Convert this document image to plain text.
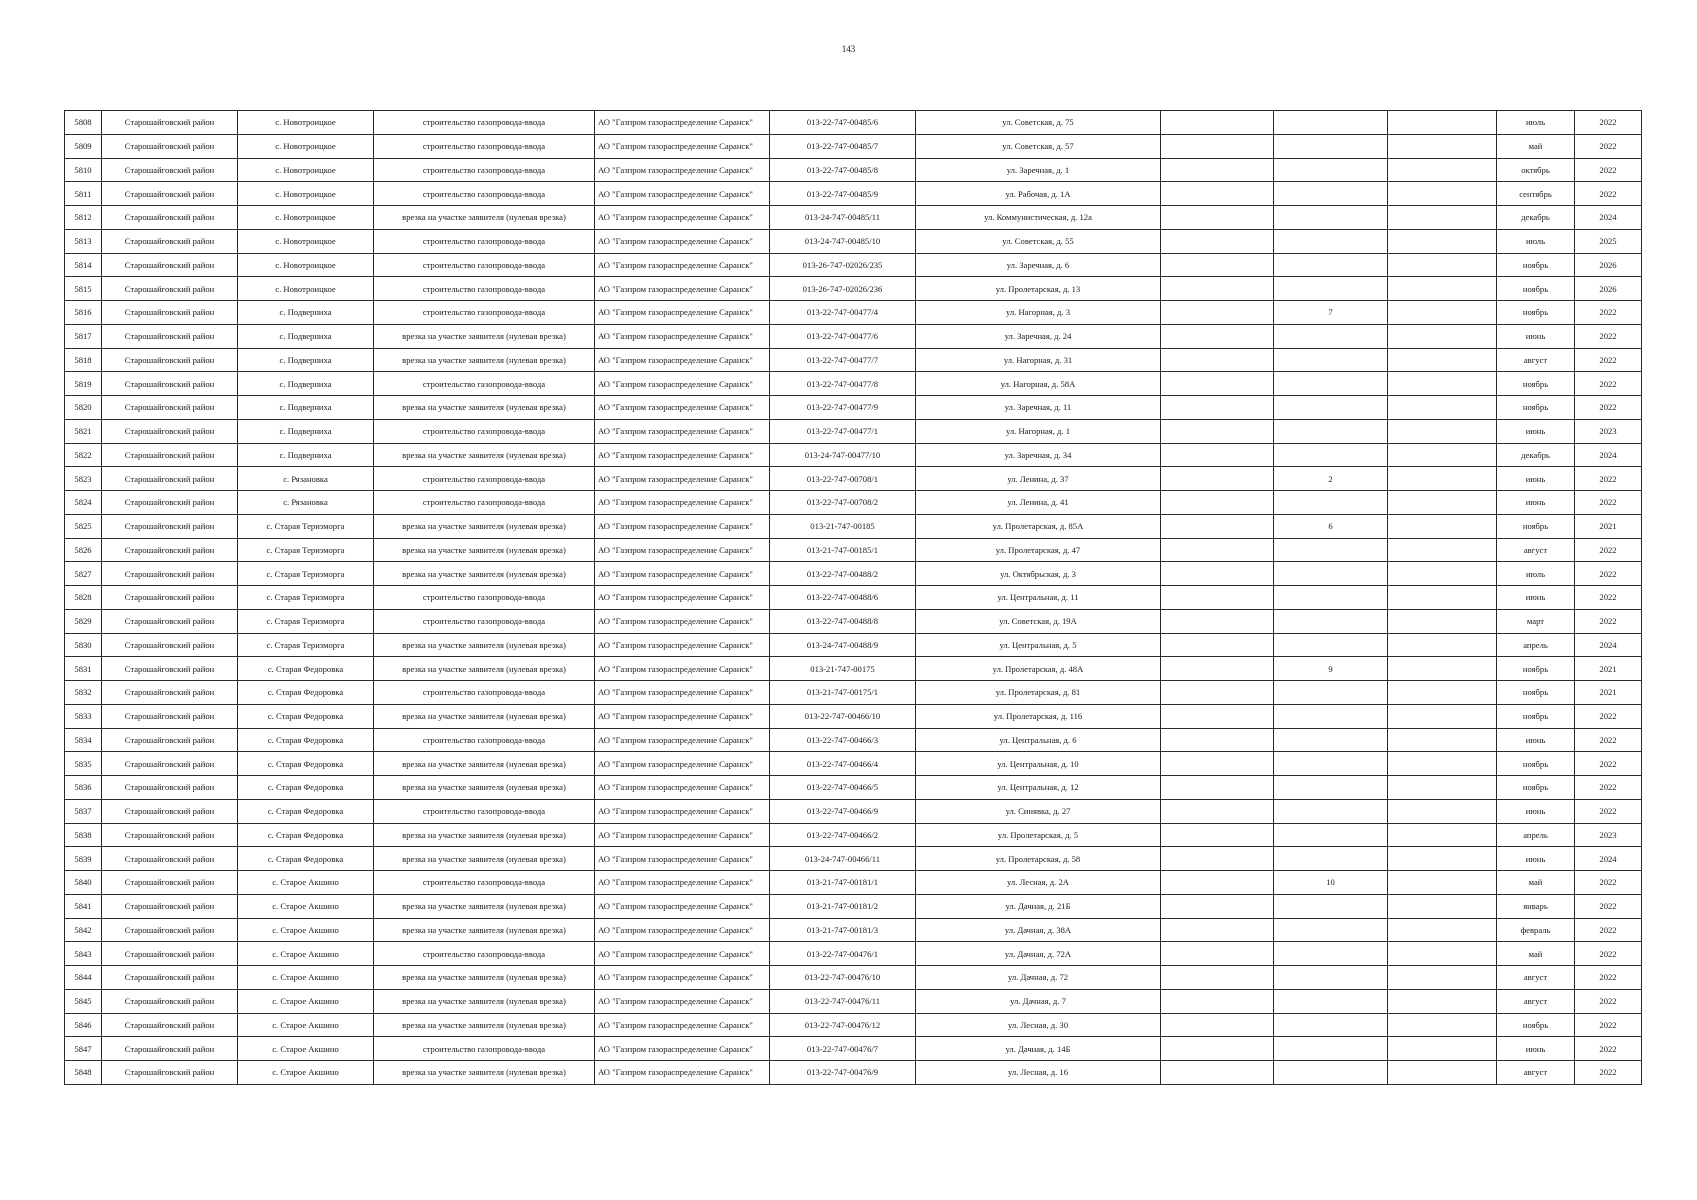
143
5808	Старошайговский район	с. Новотроицкое	строительство газопровода-ввода	АО "Газпром газораспределение Саранск"	013-22-747-00485/6	ул. Советская, д. 75				июль	2022
5809	Старошайговский район	с. Новотроицкое	строительство газопровода-ввода	АО "Газпром газораспределение Саранск"	013-22-747-00485/7	ул. Советская, д. 57				май	2022
5810	Старошайговский район	с. Новотроицкое	строительство газопровода-ввода	АО "Газпром газораспределение Саранск"	013-22-747-00485/8	ул. Заречная, д. 1				октябрь	2022
5811	Старошайговский район	с. Новотроицкое	строительство газопровода-ввода	АО "Газпром газораспределение Саранск"	013-22-747-00485/9	ул. Рабочая, д. 1А				сентябрь	2022
5812	Старошайговский район	с. Новотроицкое	врезка на участке заявителя (нулевая врезка)	АО "Газпром газораспределение Саранск"	013-24-747-00485/11	ул. Коммунистическая, д. 12а				декабрь	2024
5813	Старошайговский район	с. Новотроицкое	строительство газопровода-ввода	АО "Газпром газораспределение Саранск"	013-24-747-00485/10	ул. Советская, д. 55				июль	2025
5814	Старошайговский район	с. Новотроицкое	строительство газопровода-ввода	АО "Газпром газораспределение Саранск"	013-26-747-02026/235	ул. Заречная, д. 6				ноябрь	2026
5815	Старошайговский район	с. Новотроицкое	строительство газопровода-ввода	АО "Газпром газораспределение Саранск"	013-26-747-02026/236	ул. Пролетарская, д. 13				ноябрь	2026
5816	Старошайговский район	с. Подверниха	строительство газопровода-ввода	АО "Газпром газораспределение Саранск"	013-22-747-00477/4	ул. Нагорная, д. 3		7		ноябрь	2022
5817	Старошайговский район	с. Подверниха	врезка на участке заявителя (нулевая врезка)	АО "Газпром газораспределение Саранск"	013-22-747-00477/6	ул. Заречная, д. 24				июнь	2022
5818	Старошайговский район	с. Подверниха	врезка на участке заявителя (нулевая врезка)	АО "Газпром газораспределение Саранск"	013-22-747-00477/7	ул. Нагорная, д. 31				август	2022
5819	Старошайговский район	с. Подверниха	строительство газопровода-ввода	АО "Газпром газораспределение Саранск"	013-22-747-00477/8	ул. Нагорная, д. 58А				ноябрь	2022
5820	Старошайговский район	с. Подверниха	врезка на участке заявителя (нулевая врезка)	АО "Газпром газораспределение Саранск"	013-22-747-00477/9	ул. Заречная, д. 11				ноябрь	2022
5821	Старошайговский район	с. Подверниха	строительство газопровода-ввода	АО "Газпром газораспределение Саранск"	013-22-747-00477/1	ул. Нагорная, д. 1				июнь	2023
5822	Старошайговский район	с. Подверниха	врезка на участке заявителя (нулевая врезка)	АО "Газпром газораспределение Саранск"	013-24-747-00477/10	ул. Заречная, д. 34				декабрь	2024
5823	Старошайговский район	с. Рязановка	строительство газопровода-ввода	АО "Газпром газораспределение Саранск"	013-22-747-00708/1	ул. Ленина, д. 37		2		июнь	2022
5824	Старошайговский район	с. Рязановка	строительство газопровода-ввода	АО "Газпром газораспределение Саранск"	013-22-747-00708/2	ул. Ленина, д. 41				июнь	2022
5825	Старошайговский район	с. Старая Теризморга	врезка на участке заявителя (нулевая врезка)	АО "Газпром газораспределение Саранск"	013-21-747-00185	ул. Пролетарская, д. 85А		6		ноябрь	2021
5826	Старошайговский район	с. Старая Теризморга	врезка на участке заявителя (нулевая врезка)	АО "Газпром газораспределение Саранск"	013-21-747-00185/1	ул. Пролетарская, д. 47				август	2022
5827	Старошайговский район	с. Старая Теризморга	врезка на участке заявителя (нулевая врезка)	АО "Газпром газораспределение Саранск"	013-22-747-00488/2	ул. Октябрьская, д. 3				июль	2022
5828	Старошайговский район	с. Старая Теризморга	строительство газопровода-ввода	АО "Газпром газораспределение Саранск"	013-22-747-00488/6	ул. Центральная, д. 11				июнь	2022
5829	Старошайговский район	с. Старая Теризморга	строительство газопровода-ввода	АО "Газпром газораспределение Саранск"	013-22-747-00488/8	ул. Советская, д. 19А				март	2022
5830	Старошайговский район	с. Старая Теризморга	врезка на участке заявителя (нулевая врезка)	АО "Газпром газораспределение Саранск"	013-24-747-00488/9	ул. Центральная, д. 5				апрель	2024
5831	Старошайговский район	с. Старая Федоровка	врезка на участке заявителя (нулевая врезка)	АО "Газпром газораспределение Саранск"	013-21-747-00175	ул. Пролетарская, д. 48А		9		ноябрь	2021
5832	Старошайговский район	с. Старая Федоровка	строительство газопровода-ввода	АО "Газпром газораспределение Саранск"	013-21-747-00175/1	ул. Пролетарская, д. 81				ноябрь	2021
5833	Старошайговский район	с. Старая Федоровка	врезка на участке заявителя (нулевая врезка)	АО "Газпром газораспределение Саранск"	013-22-747-00466/10	ул. Пролетарская, д. 116				ноябрь	2022
5834	Старошайговский район	с. Старая Федоровка	строительство газопровода-ввода	АО "Газпром газораспределение Саранск"	013-22-747-00466/3	ул. Центральная, д. 6				июнь	2022
5835	Старошайговский район	с. Старая Федоровка	врезка на участке заявителя (нулевая врезка)	АО "Газпром газораспределение Саранск"	013-22-747-00466/4	ул. Центральная, д. 10				ноябрь	2022
5836	Старошайговский район	с. Старая Федоровка	врезка на участке заявителя (нулевая врезка)	АО "Газпром газораспределение Саранск"	013-22-747-00466/5	ул. Центральная, д. 12				ноябрь	2022
5837	Старошайговский район	с. Старая Федоровка	строительство газопровода-ввода	АО "Газпром газораспределение Саранск"	013-22-747-00466/9	ул. Синявка, д. 27				июнь	2022
5838	Старошайговский район	с. Старая Федоровка	врезка на участке заявителя (нулевая врезка)	АО "Газпром газораспределение Саранск"	013-22-747-00466/2	ул. Пролетарская, д. 5				апрель	2023
5839	Старошайговский район	с. Старая Федоровка	врезка на участке заявителя (нулевая врезка)	АО "Газпром газораспределение Саранск"	013-24-747-00466/11	ул. Пролетарская, д. 58				июнь	2024
5840	Старошайговский район	с. Старое Акшино	строительство газопровода-ввода	АО "Газпром газораспределение Саранск"	013-21-747-00181/1	ул. Лесная, д. 2А		10		май	2022
5841	Старошайговский район	с. Старое Акшино	врезка на участке заявителя (нулевая врезка)	АО "Газпром газораспределение Саранск"	013-21-747-00181/2	ул. Дачная, д. 21Б				январь	2022
5842	Старошайговский район	с. Старое Акшино	врезка на участке заявителя (нулевая врезка)	АО "Газпром газораспределение Саранск"	013-21-747-00181/3	ул. Дачная, д. 38А				февраль	2022
5843	Старошайговский район	с. Старое Акшино	строительство газопровода-ввода	АО "Газпром газораспределение Саранск"	013-22-747-00476/1	ул. Дачная, д. 72А				май	2022
5844	Старошайговский район	с. Старое Акшино	врезка на участке заявителя (нулевая врезка)	АО "Газпром газораспределение Саранск"	013-22-747-00476/10	ул. Дачная, д. 72				август	2022
5845	Старошайговский район	с. Старое Акшино	врезка на участке заявителя (нулевая врезка)	АО "Газпром газораспределение Саранск"	013-22-747-00476/11	ул. Дачная, д. 7				август	2022
5846	Старошайговский район	с. Старое Акшино	врезка на участке заявителя (нулевая врезка)	АО "Газпром газораспределение Саранск"	013-22-747-00476/12	ул. Лесная, д. 30				ноябрь	2022
5847	Старошайговский район	с. Старое Акшино	строительство газопровода-ввода	АО "Газпром газораспределение Саранск"	013-22-747-00476/7	ул. Дачная, д. 14Б				июнь	2022
5848	Старошайговский район	с. Старое Акшино	врезка на участке заявителя (нулевая врезка)	АО "Газпром газораспределение Саранск"	013-22-747-00476/9	ул. Лесная, д. 16				август	2022
